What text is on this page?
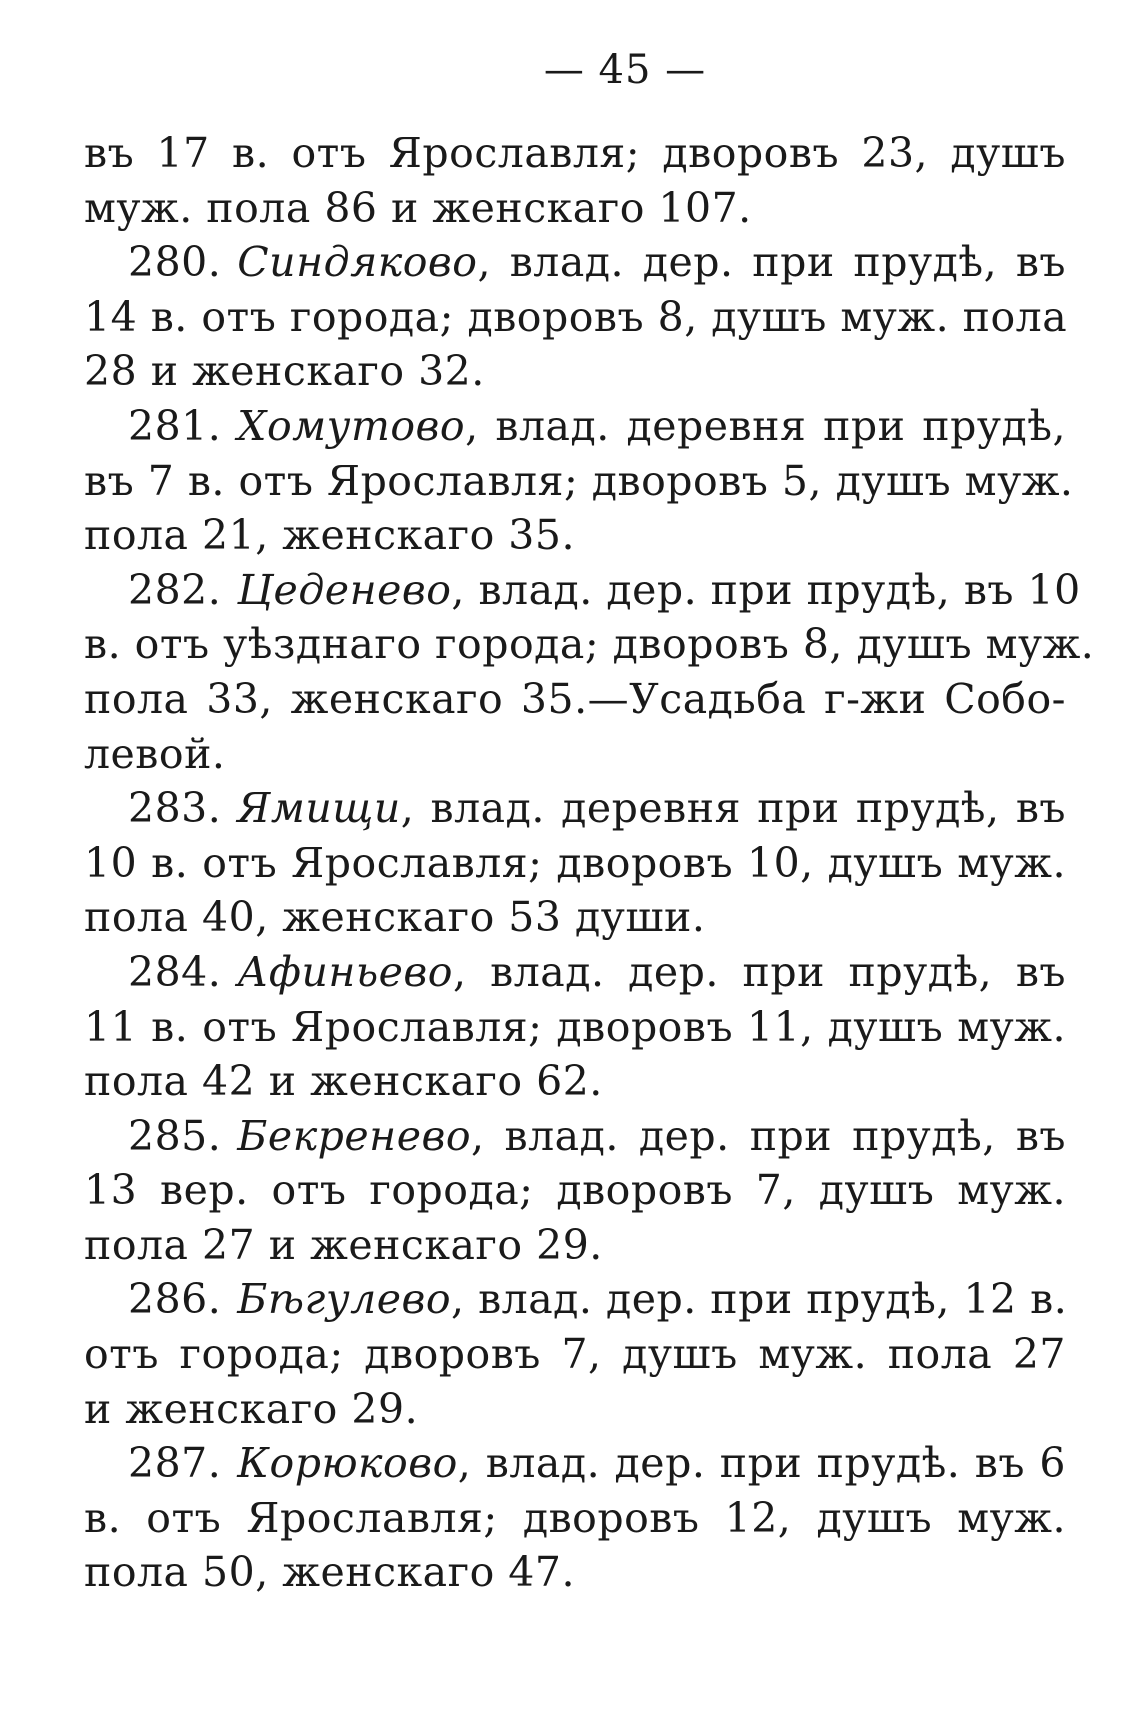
— 45 —
въ 17 в. отъ Ярославля; дворовъ 23, душъ
муж. пола 86 и женскаго 107.
280. Синдяково, влад. дер. при прудѣ, въ
14 в. отъ города; дворовъ 8, душъ муж. пола
28 и женскаго 32.
281. Хомутово, влад. деревня при прудѣ,
въ 7 в. отъ Ярославля; дворовъ 5, душъ муж.
пола 21, женскаго 35.
282. Цеденево, влад. дер. при прудѣ, въ 10
в. отъ уѣзднаго города; дворовъ 8, душъ муж.
пола 33, женскаго 35.—Усадьба г-жи Собо-
левой.
283. Ямищи, влад. деревня при прудѣ, въ
10 в. отъ Ярославля; дворовъ 10, душъ муж.
пола 40, женскаго 53 души.
284. Афиньево, влад. дер. при прудѣ, въ
11 в. отъ Ярославля; дворовъ 11, душъ муж.
пола 42 и женскаго 62.
285. Бекренево, влад. дер. при прудѣ, въ
13 вер. отъ города; дворовъ 7, душъ муж.
пола 27 и женскаго 29.
286. Бѣгулево, влад. дер. при прудѣ, 12 в.
отъ города; дворовъ 7, душъ муж. пола 27
и женскаго 29.
287. Корюково, влад. дер. при прудѣ. въ 6
в. отъ Ярославля; дворовъ 12, душъ муж.
пола 50, женскаго 47.
